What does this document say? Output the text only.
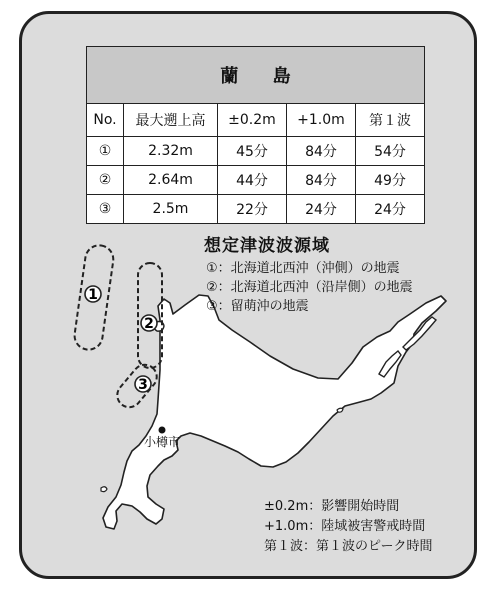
1
2
3
蘭 島				
No.	最大遡上高	±0.2m	+1.0m	第１波
①	2.32m	45分	84分	54分
②	2.64m	44分	84分	49分
③	2.5m	22分	24分	24分
想定津波波源域
①：北海道北西沖（沖側）の地震
②：北海道北西沖（沿岸側）の地震
③：留萌沖の地震
小樽市
±0.2m：影響開始時間
+1.0m：陸域被害警戒時間
第１波：第１波のピーク時間
